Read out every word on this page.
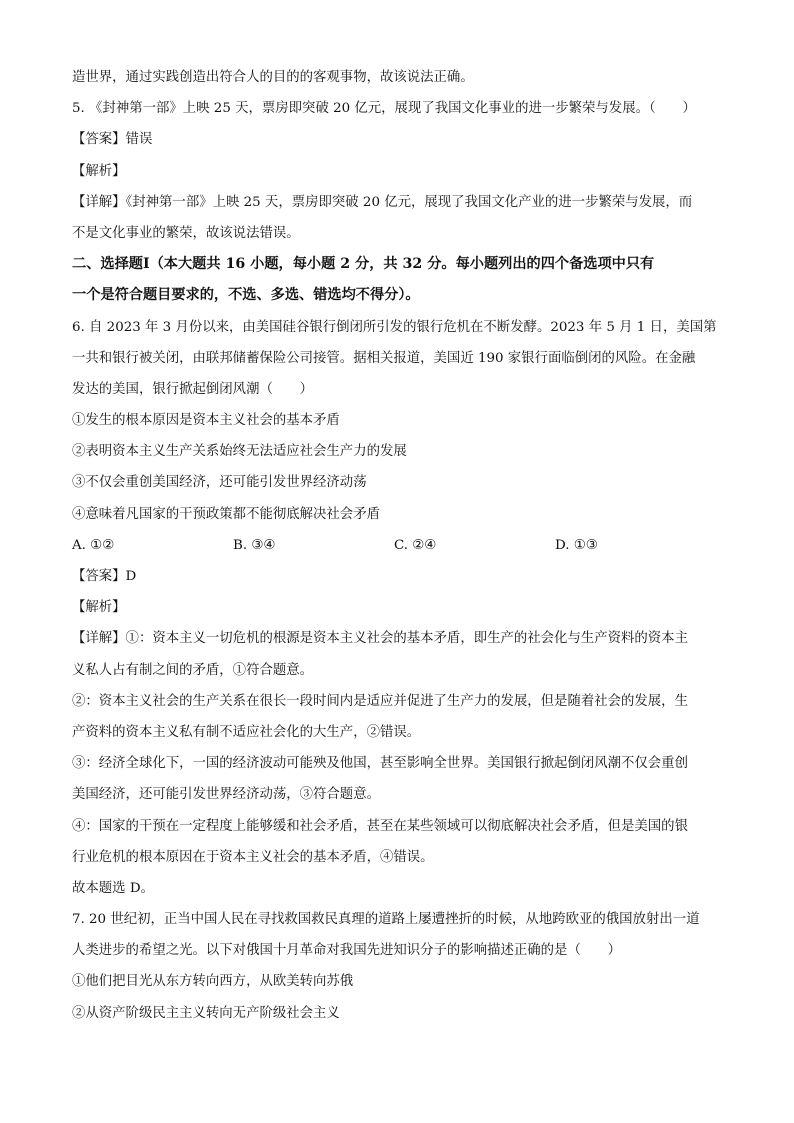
造世界，通过实践创造出符合人的目的的客观事物，故该说法正确。
5. 《封神第一部》上映 25 天，票房即突破 20 亿元，展现了我国文化事业的进一步繁荣与发展。（　　）
【答案】错误
【解析】
【详解】《封神第一部》上映 25 天，票房即突破 20 亿元，展现了我国文化产业的进一步繁荣与发展，而
不是文化事业的繁荣，故该说法错误。
二、选择题Ⅰ（本大题共 16 小题，每小题 2 分，共 32 分。每小题列出的四个备选项中只有
一个是符合题目要求的，不选、多选、错选均不得分）。
6. 自 2023 年 3 月份以来，由美国硅谷银行倒闭所引发的银行危机在不断发酵。2023 年 5 月 1 日，美国第
一共和银行被关闭，由联邦储蓄保险公司接管。据相关报道，美国近 190 家银行面临倒闭的风险。在金融
发达的美国，银行掀起倒闭风潮（　　）
①发生的根本原因是资本主义社会的基本矛盾
②表明资本主义生产关系始终无法适应社会生产力的发展
③不仅会重创美国经济，还可能引发世界经济动荡
④意味着凡国家的干预政策都不能彻底解决社会矛盾
A. ①②	B. ③④	C. ②④	D. ①③
【答案】D
【解析】
【详解】①：资本主义一切危机的根源是资本主义社会的基本矛盾，即生产的社会化与生产资料的资本主
义私人占有制之间的矛盾，①符合题意。
②：资本主义社会的生产关系在很长一段时间内是适应并促进了生产力的发展，但是随着社会的发展，生
产资料的资本主义私有制不适应社会化的大生产，②错误。
③：经济全球化下，一国的经济波动可能殃及他国，甚至影响全世界。美国银行掀起倒闭风潮不仅会重创
美国经济，还可能引发世界经济动荡，③符合题意。
④：国家的干预在一定程度上能够缓和社会矛盾，甚至在某些领域可以彻底解决社会矛盾，但是美国的银
行业危机的根本原因在于资本主义社会的基本矛盾，④错误。
故本题选 D。
7. 20 世纪初，正当中国人民在寻找救国救民真理的道路上屡遭挫折的时候，从地跨欧亚的俄国放射出一道
人类进步的希望之光。以下对俄国十月革命对我国先进知识分子的影响描述正确的是（　　）
①他们把目光从东方转向西方，从欧美转向苏俄
②从资产阶级民主主义转向无产阶级社会主义
